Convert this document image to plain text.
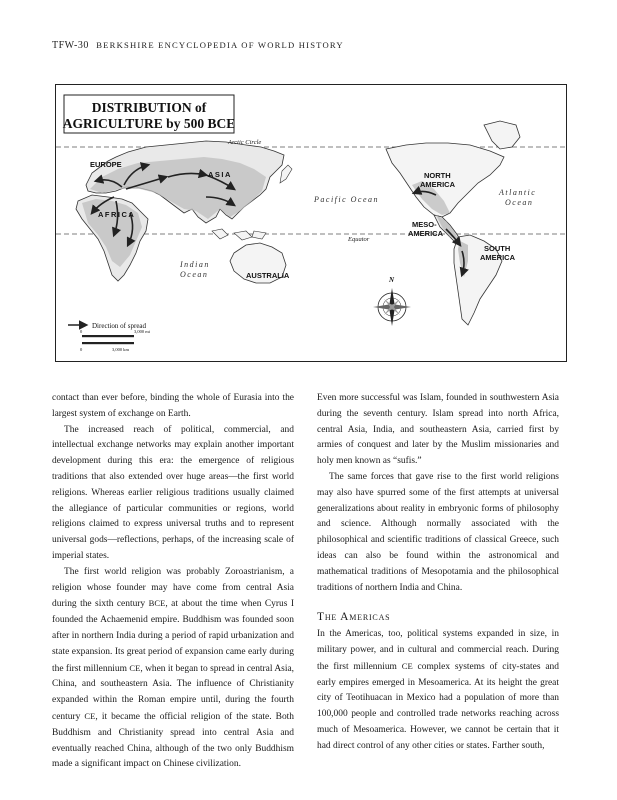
TFW-30 BERKSHIRE ENCYCLOPEDIA OF WORLD HISTORY
DISTRIBUTION of
AGRICULTURE by 500 BCE
Arctic Circle
Equator
EUROPE
ASIA
AFRICA
AUSTRALIA
NORTH
AMERICA
MESO-
AMERICA
SOUTH
AMERICA
Pacific Ocean
Atlantic
Ocean
Indian
Ocean
N
Direction of spread
0	3,000 mi
0	3,000 km

contact than ever before, binding the whole of Eurasia into the largest system of exchange on Earth.

The increased reach of political, commercial, and intellectual exchange networks may explain another important development during this era: the emergence of religious traditions that also extended over huge areas—the first world religions. Whereas earlier religious traditions usually claimed the allegiance of particular communities or regions, world religions claimed to express universal truths and to represent universal gods—reflections, perhaps, of the increasing scale of imperial states.

The first world religion was probably Zoroastrianism, a religion whose founder may have come from central Asia during the sixth century BCE, at about the time when Cyrus I founded the Achaemenid empire. Buddhism was founded soon after in northern India during a period of rapid urbanization and state expansion. Its great period of expansion came early during the first millennium CE, when it began to spread in central Asia, China, and southeastern Asia. The influence of Christianity expanded within the Roman empire until, during the fourth century CE, it became the official religion of the state. Both Buddhism and Christianity spread into central Asia and eventually reached China, although of the two only Buddhism made a significant impact on Chinese civilization.

Even more successful was Islam, founded in southwestern Asia during the seventh century. Islam spread into north Africa, central Asia, India, and southeastern Asia, carried first by armies of conquest and later by the Muslim missionaries and holy men known as “sufis.”

The same forces that gave rise to the first world religions may also have spurred some of the first attempts at universal generalizations about reality in embryonic forms of philosophy and science. Although normally associated with the philosophical and scientific traditions of classical Greece, such ideas can also be found within the astronomical and mathematical traditions of Mesopotamia and the philosophical traditions of northern India and China.

The Americas

In the Americas, too, political systems expanded in size, in military power, and in cultural and commercial reach. During the first millennium CE complex systems of city-states and early empires emerged in Mesoamerica. At its height the great city of Teotihuacan in Mexico had a population of more than 100,000 people and controlled trade networks reaching across much of Mesoamerica. However, we cannot be certain that it had direct control of any other cities or states. Farther south,
